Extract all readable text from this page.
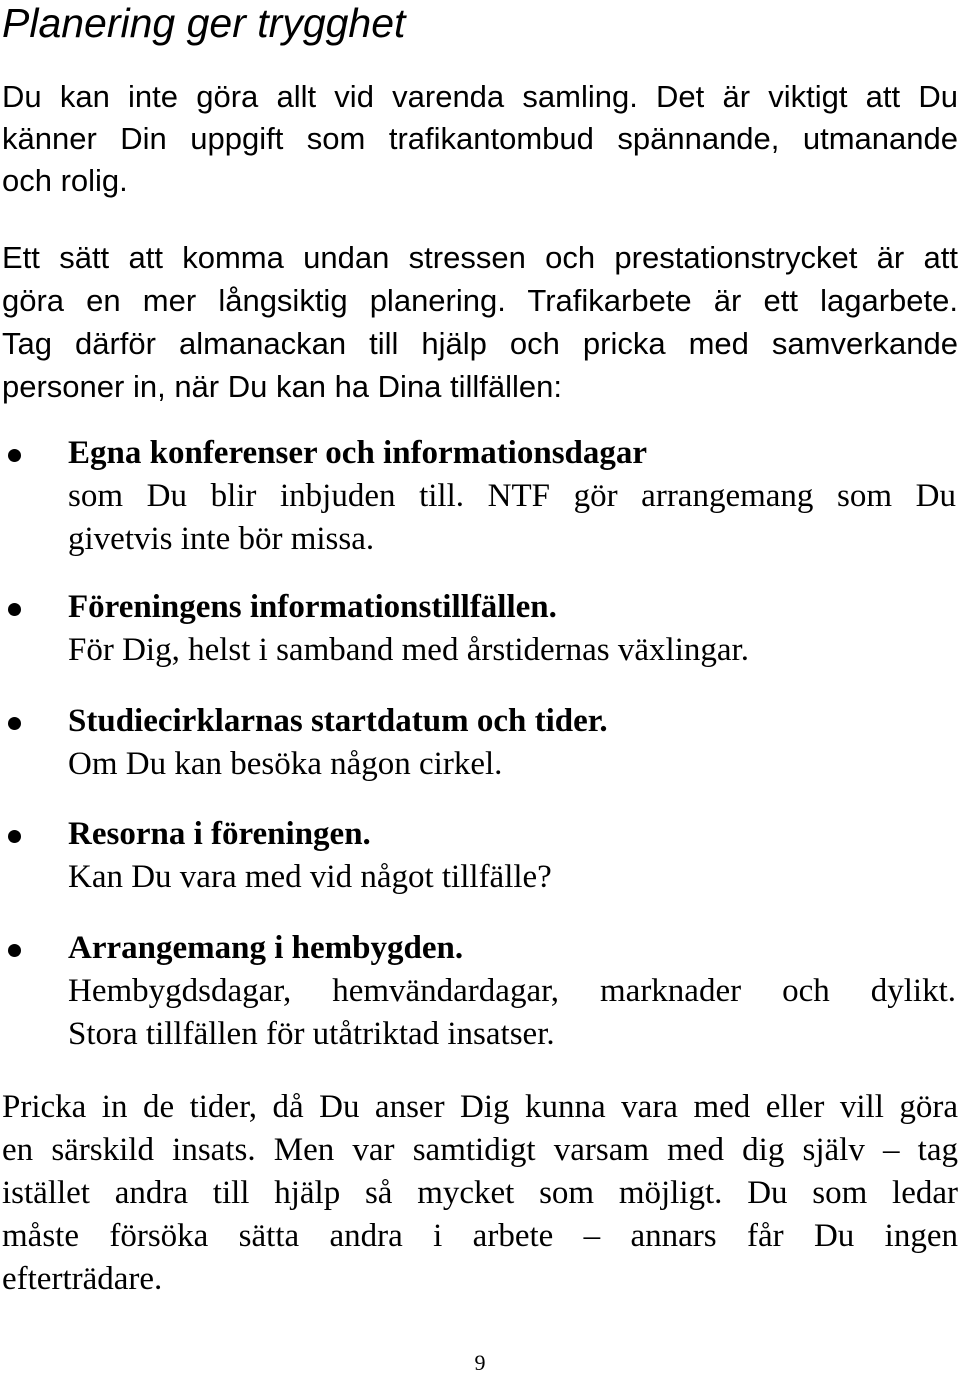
Planering ger trygghet

Du kan inte göra allt vid varenda samling. Det är viktigt att Du
känner Din uppgift som trafikantombud spännande, utmanande
och rolig.

Ett sätt att komma undan stressen och prestationstrycket är att
göra en mer långsiktig planering. Trafikarbete är ett lagarbete.
Tag därför almanackan till hjälp och pricka med samverkande
personer in, när Du kan ha Dina tillfällen:

Egna konferenser och informationsdagar
som Du blir inbjuden till. NTF gör arrangemang som Du
givetvis inte bör missa.
Föreningens informationstillfällen.
För Dig, helst i samband med årstidernas växlingar.
Studiecirklarnas startdatum och tider.
Om Du kan besöka någon cirkel.
Resorna i föreningen.
Kan Du vara med vid något tillfälle?
Arrangemang i hembygden.
Hembygdsdagar, hemvändardagar, marknader och dylikt.
Stora tillfällen för utåtriktad insatser.

Pricka in de tider, då Du anser Dig kunna vara med eller vill göra
en särskild insats. Men var samtidigt varsam med dig själv – tag
istället andra till hjälp så mycket som möjligt. Du som ledar
måste försöka sätta andra i arbete – annars får Du ingen
efterträdare.

9
